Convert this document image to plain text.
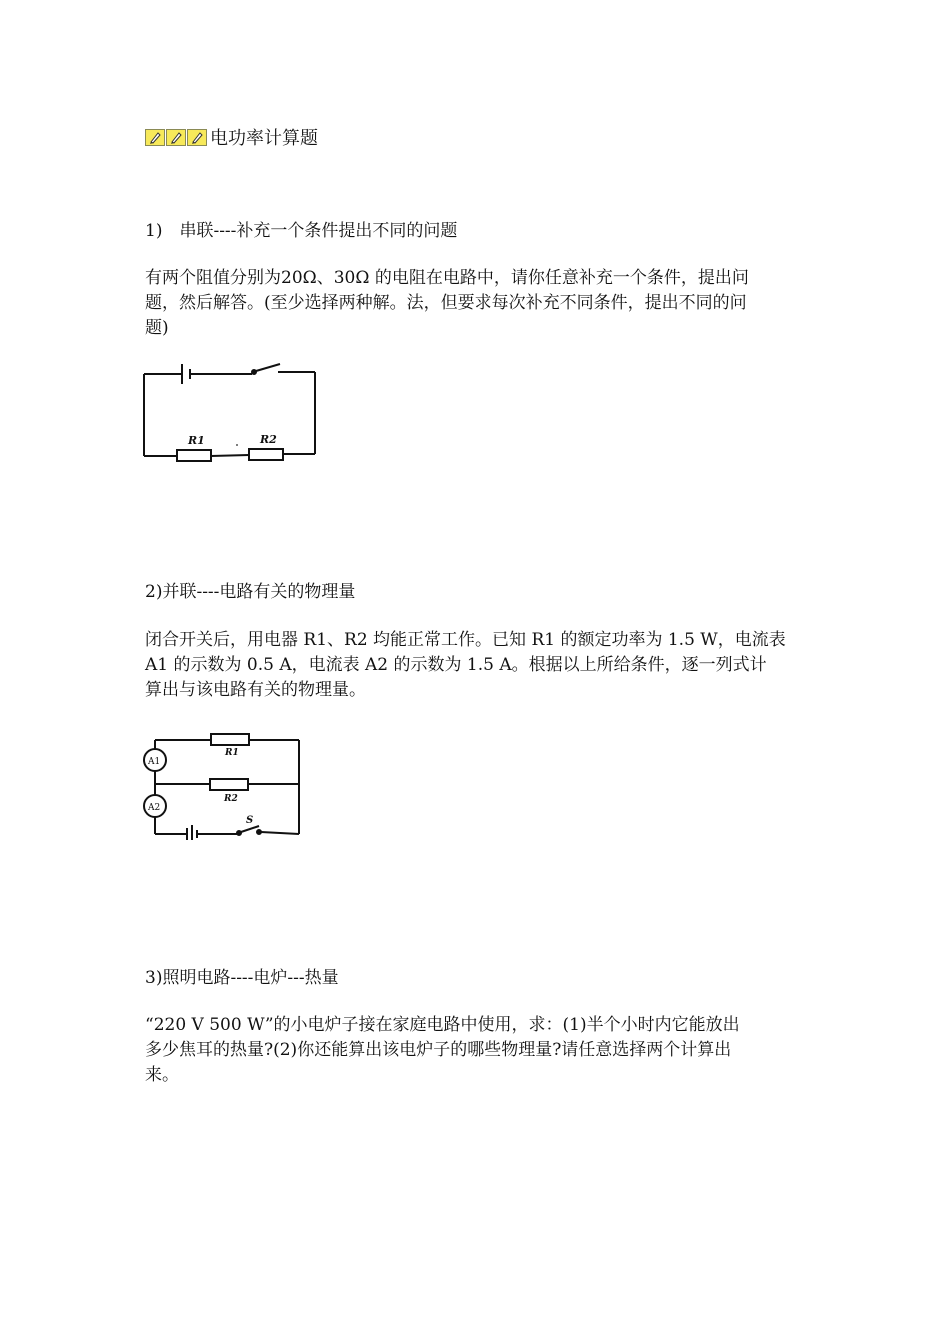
电功率计算题
1)　串联----补充一个条件提出不同的问题
有两个阻值分别为20Ω、30Ω 的电阻在电路中，请你任意补充一个条件，提出问
题，然后解答。(至少选择两种解。法，但要求每次补充不同条件，提出不同的问
题)
R1	R2
2)并联----电路有关的物理量
闭合开关后，用电器 R1、R2 均能正常工作。已知 R1 的额定功率为 1.5 W，电流表
A1 的示数为 0.5 A，电流表 A2 的示数为 1.5 A。根据以上所给条件，逐一列式计
算出与该电路有关的物理量。
A1
A2
R1
R2
S
3)照明电路----电炉---热量
“220 V 500 W”的小电炉子接在家庭电路中使用，求：(1)半个小时内它能放出
多少焦耳的热量?(2)你还能算出该电炉子的哪些物理量?请任意选择两个计算出
来。
